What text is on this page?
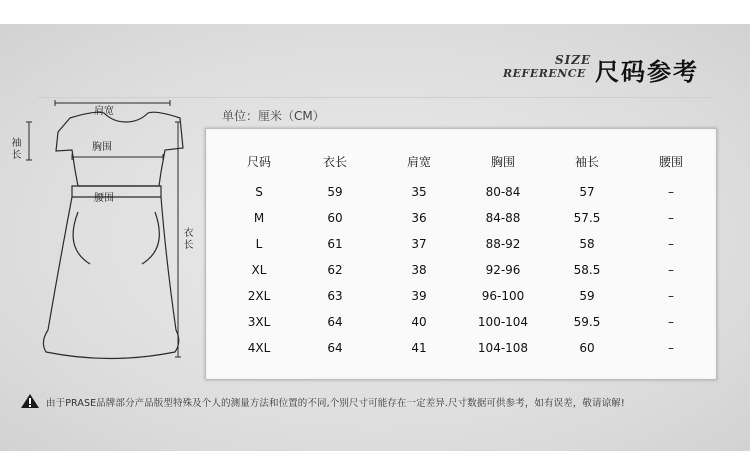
SIZE
REFERENCE 尺码参考
单位：厘米（CM）
肩宽
胸围
腰围
袖长
衣长
尺码	衣长	肩宽	胸围	袖长	腰围
S	59	35	80-84	57	–
M	60	36	84-88	57.5	–
L	61	37	88-92	58	–
XL	62	38	92-96	58.5	–
2XL	63	39	96-100	59	–
3XL	64	40	100-104	59.5	–
4XL	64	41	104-108	60	–
由于PRASE品牌部分产品版型特殊及个人的测量方法和位置的不同,个别尺寸可能存在一定差异.尺寸数据可供参考，如有误差，敬请谅解!
